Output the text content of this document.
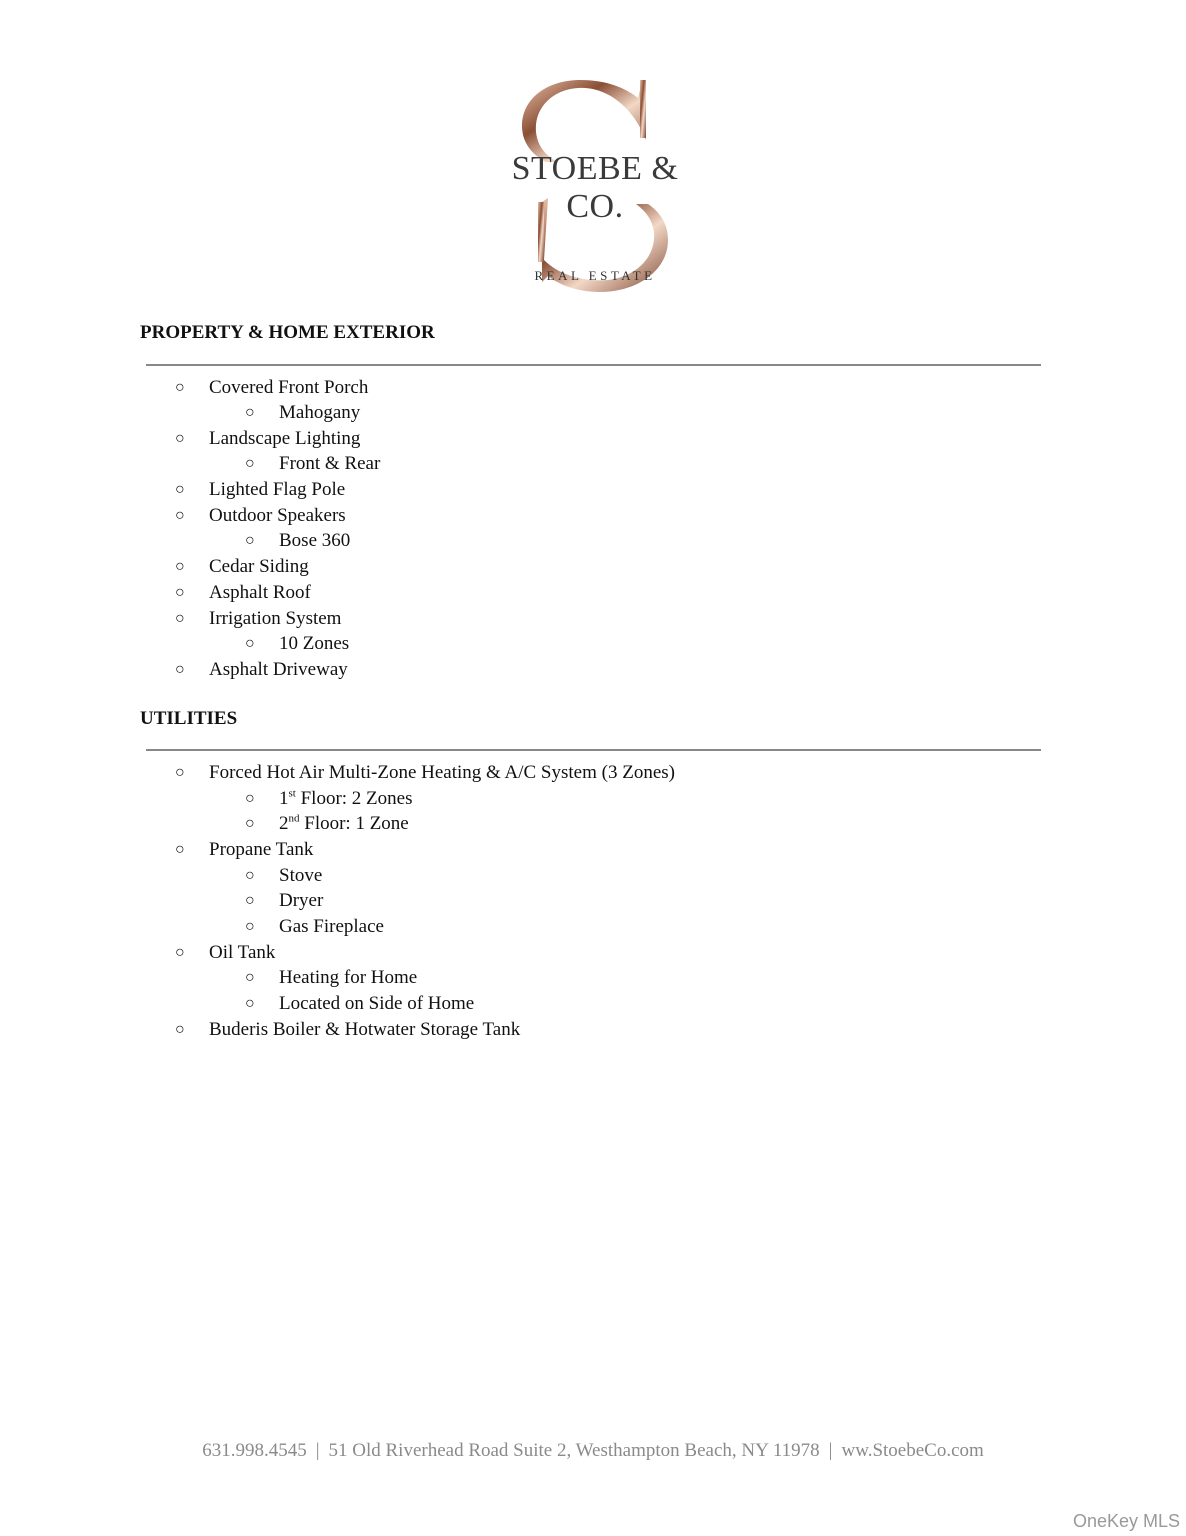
STOEBE & CO.
REAL ESTATE
PROPERTY & HOME EXTERIOR
○ Covered Front Porch
○ Mahogany
○ Landscape Lighting
○ Front & Rear
○ Lighted Flag Pole
○ Outdoor Speakers
○ Bose 360
○ Cedar Siding
○ Asphalt Roof
○ Irrigation System
○ 10 Zones
○ Asphalt Driveway
UTILITIES
○ Forced Hot Air Multi-Zone Heating & A/C System (3 Zones)
○ 1st Floor: 2 Zones
○ 2nd Floor: 1 Zone
○ Propane Tank
○ Stove
○ Dryer
○ Gas Fireplace
○ Oil Tank
○ Heating for Home
○ Located on Side of Home
○ Buderis Boiler & Hotwater Storage Tank
631.998.4545 | 51 Old Riverhead Road Suite 2, Westhampton Beach, NY 11978 | ww.StoebeCo.com
OneKey MLS
